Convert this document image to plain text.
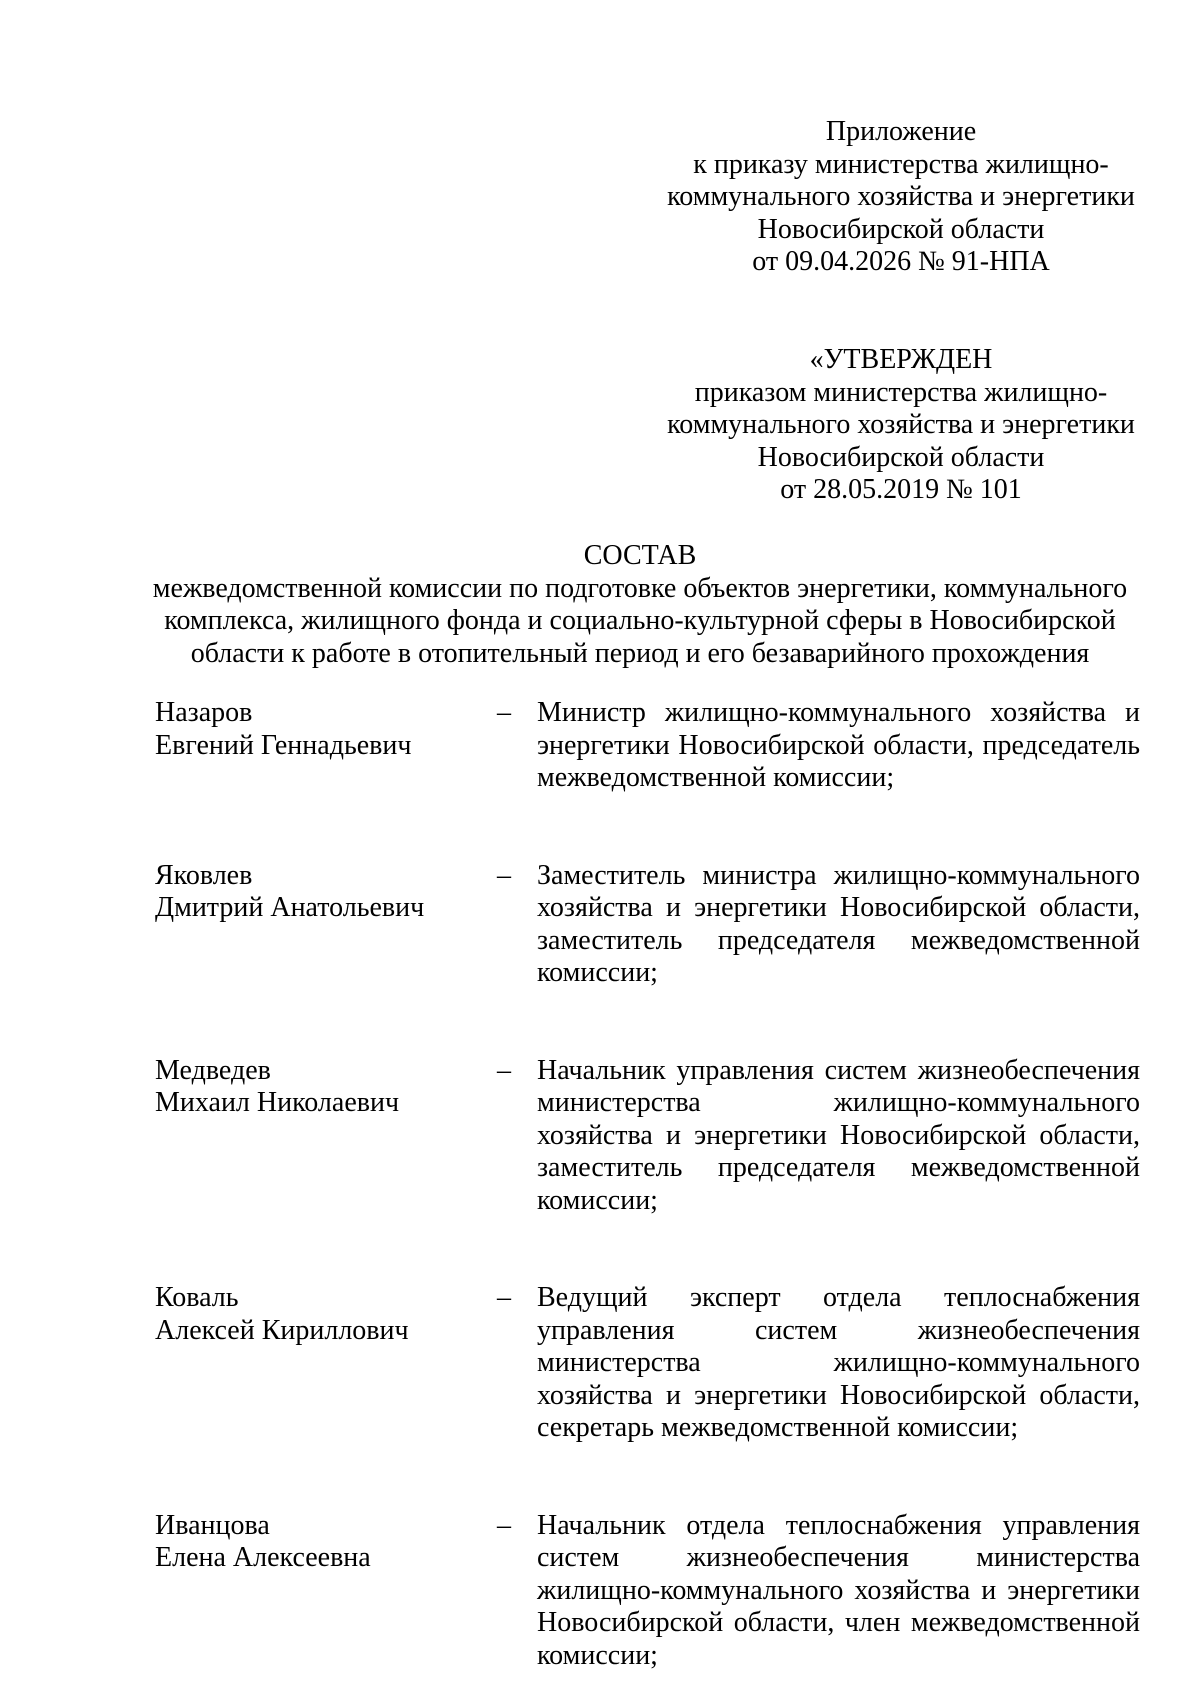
Приложение
к приказу министерства жилищно-
коммунального хозяйства и энергетики
Новосибирской области
от 09.04.2026 № 91-НПА
«УТВЕРЖДЕН
приказом министерства жилищно-
коммунального хозяйства и энергетики
Новосибирской области
от 28.05.2019 № 101
СОСТАВ
межведомственной комиссии по подготовке объектов энергетики, коммунального
комплекса, жилищного фонда и социально-культурной сферы в Новосибирской
области к работе в отопительный период и его безаварийного прохождения
Назаров
Евгений Геннадьевич
– Министр жилищно-коммунального хозяйства и
энергетики Новосибирской области, председатель
межведомственной комиссии;
Яковлев
Дмитрий Анатольевич
– Заместитель министра жилищно-коммунального
хозяйства и энергетики Новосибирской области,
заместитель председателя межведомственной
комиссии;
Медведев
Михаил Николаевич
– Начальник управления систем жизнеобеспечения
министерства жилищно-коммунального
хозяйства и энергетики Новосибирской области,
заместитель председателя межведомственной
комиссии;
Коваль
Алексей Кириллович
– Ведущий эксперт отдела теплоснабжения
управления систем жизнеобеспечения
министерства жилищно-коммунального
хозяйства и энергетики Новосибирской области,
секретарь межведомственной комиссии;
Иванцова
Елена Алексеевна
– Начальник отдела теплоснабжения управления
систем жизнеобеспечения министерства
жилищно-коммунального хозяйства и энергетики
Новосибирской области, член межведомственной
комиссии;
